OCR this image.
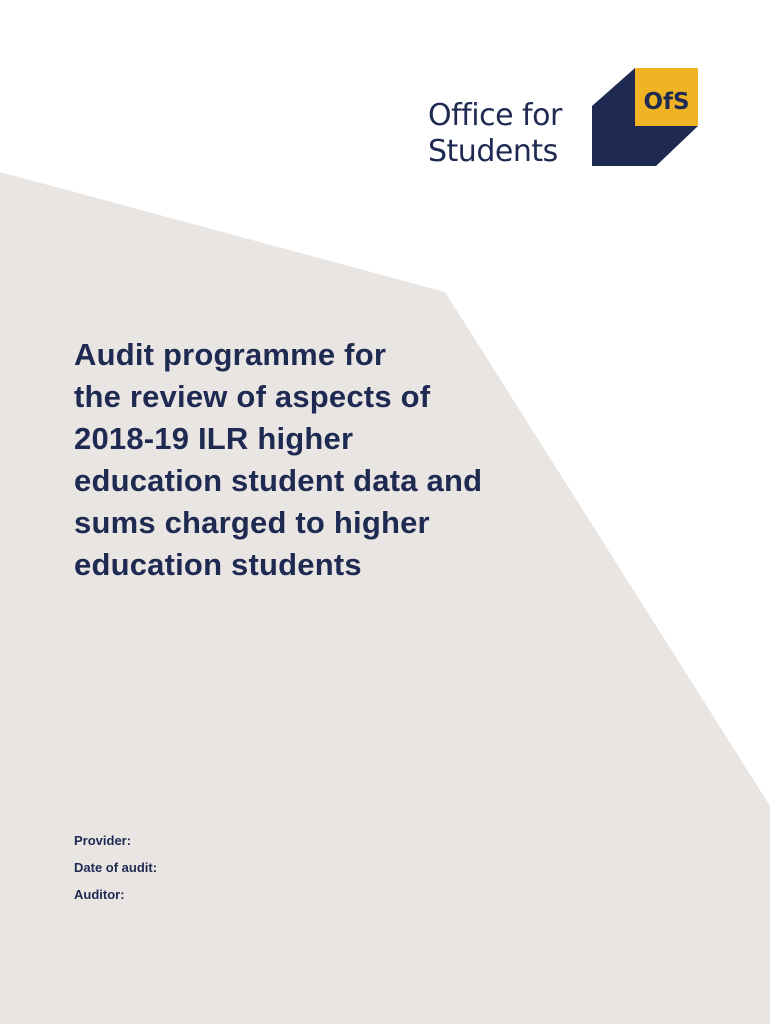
Office for
Students
OfS
Audit programme for
the review of aspects of
2018-19 ILR higher
education student data and
sums charged to higher
education students
Provider:
Date of audit:
Auditor:
